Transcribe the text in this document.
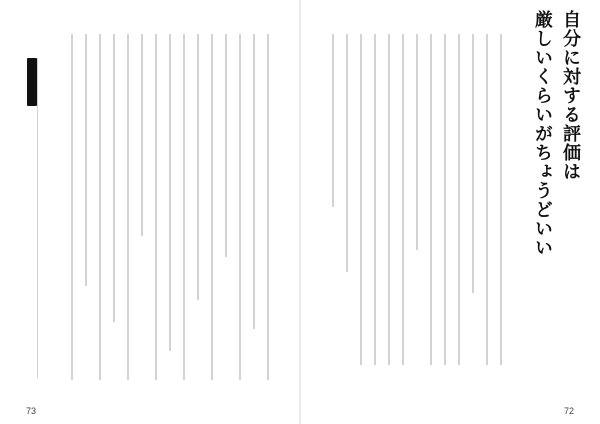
73
自分に対する評価は
厳しいくらいがちょうどいい
72
